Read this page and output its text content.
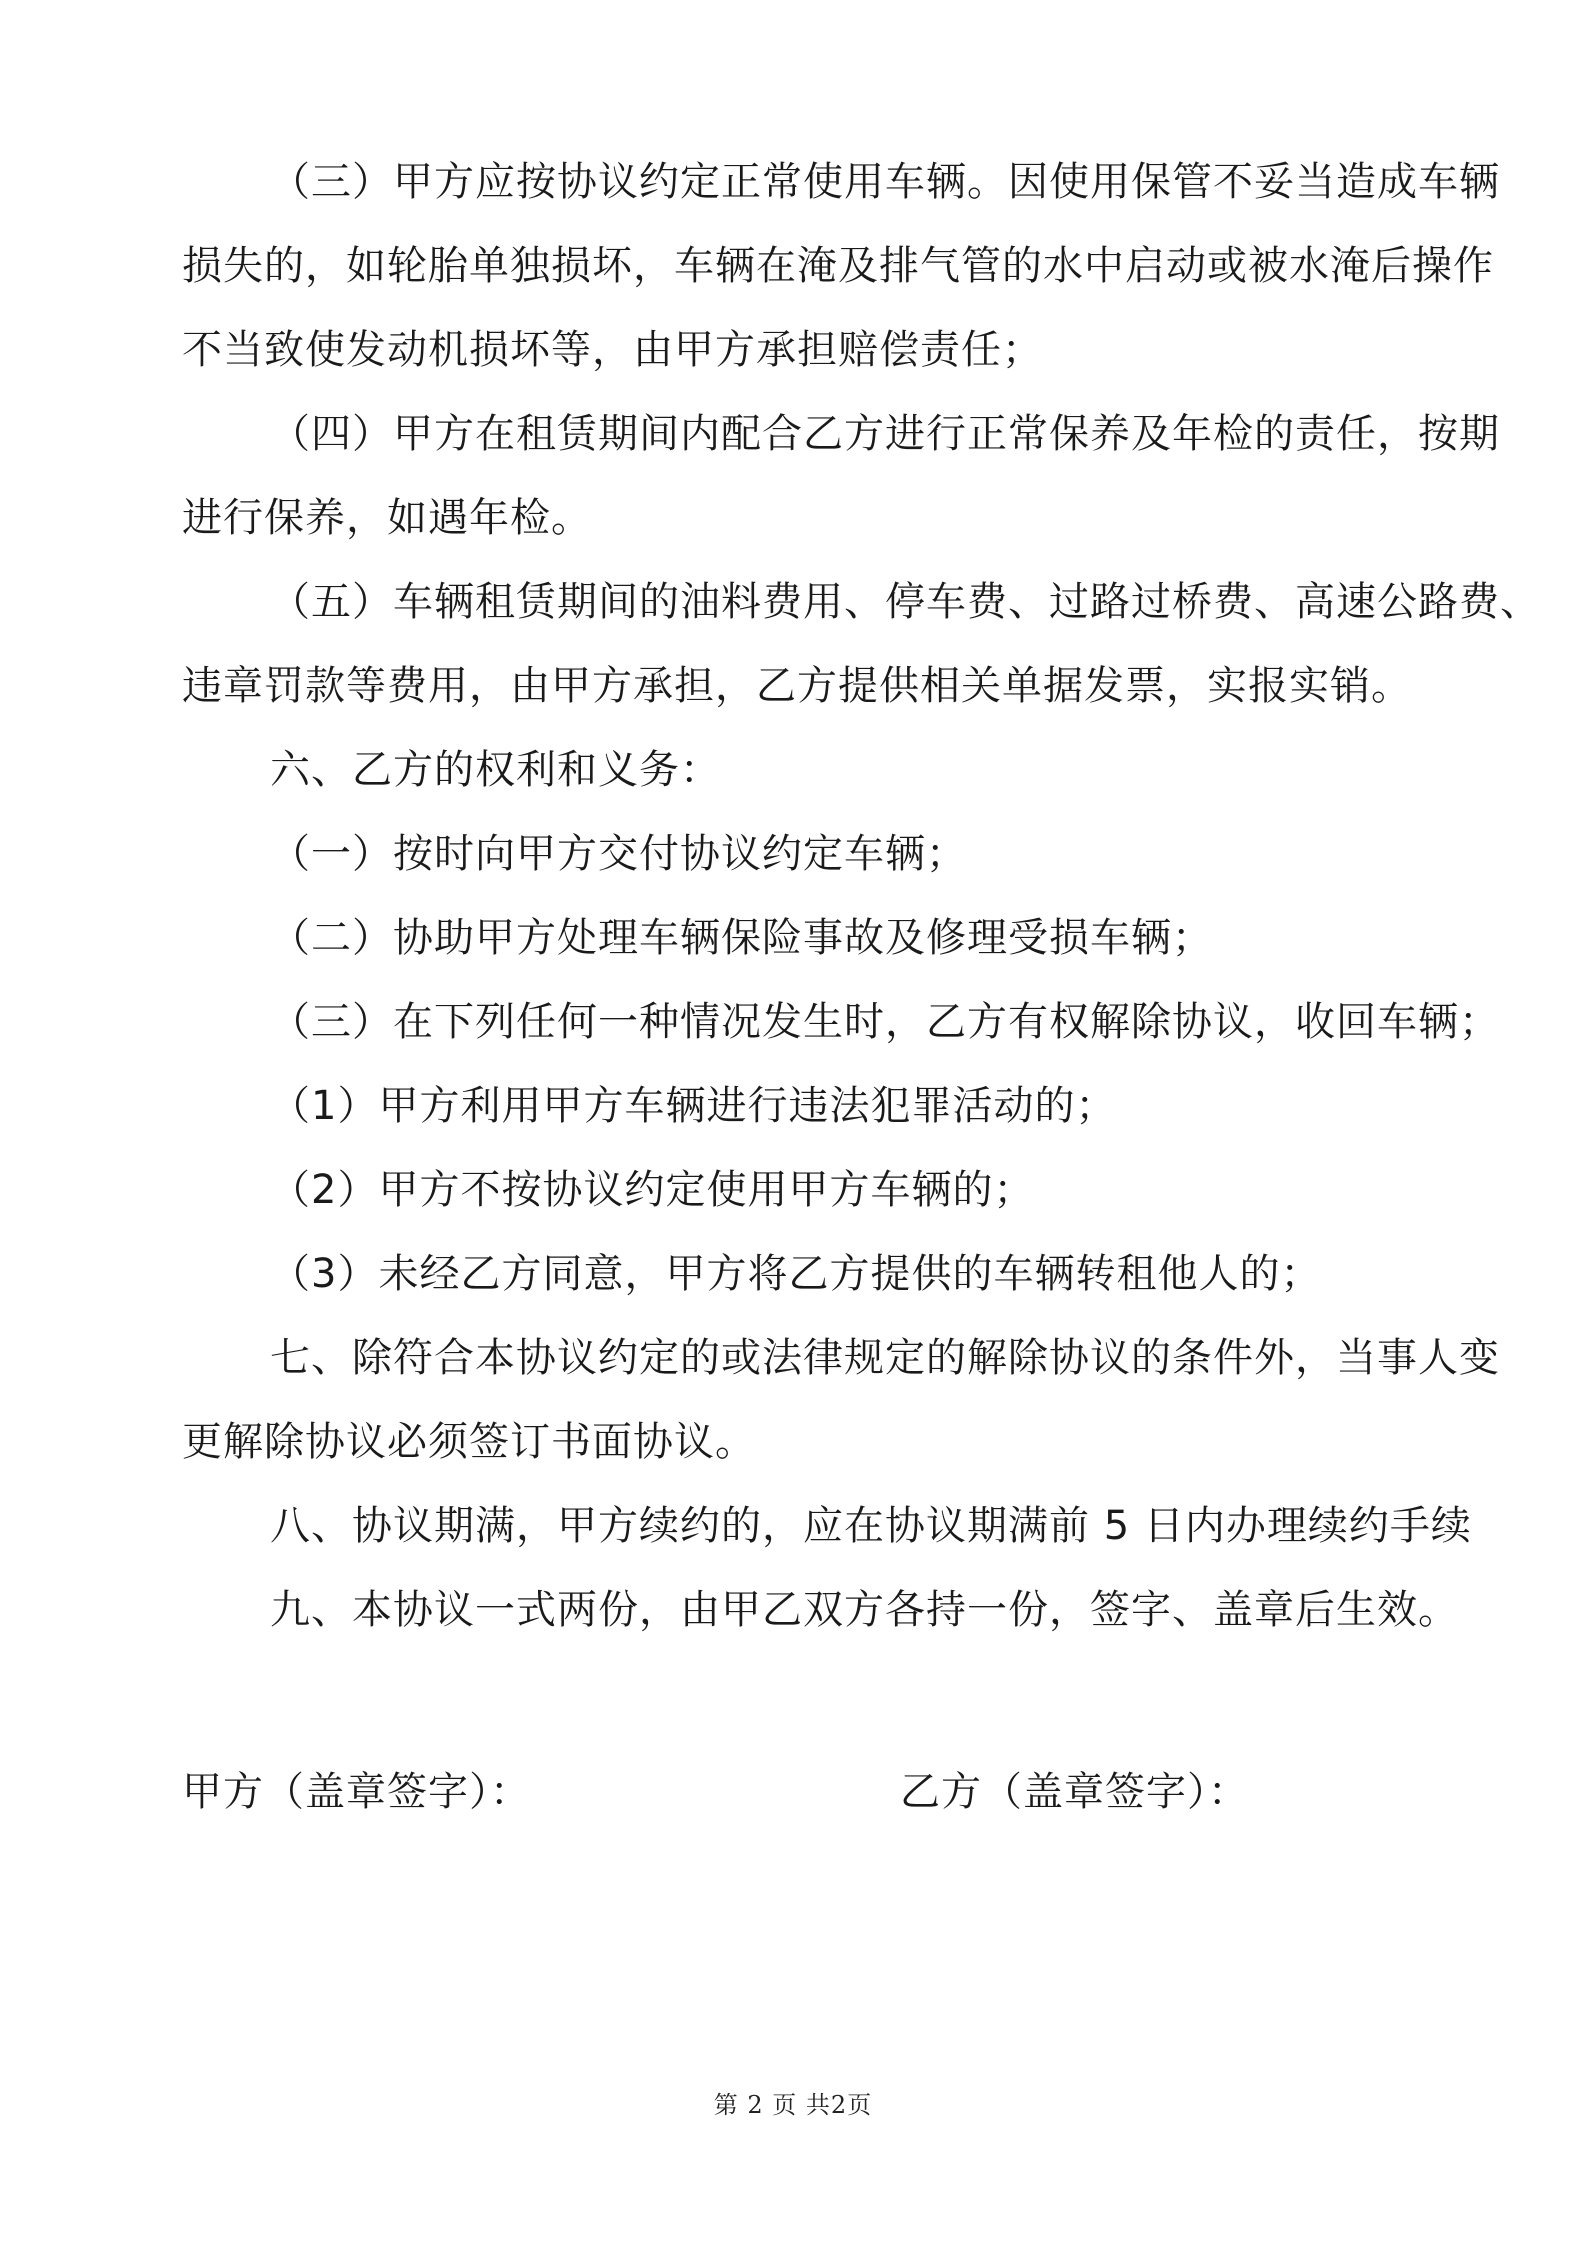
（三）甲方应按协议约定正常使用车辆。因使用保管不妥当造成车辆
损失的，如轮胎单独损坏，车辆在淹及排气管的水中启动或被水淹后操作
不当致使发动机损坏等，由甲方承担赔偿责任；
（四）甲方在租赁期间内配合乙方进行正常保养及年检的责任，按期
进行保养，如遇年检。
（五）车辆租赁期间的油料费用、停车费、过路过桥费、高速公路费、
违章罚款等费用，由甲方承担，乙方提供相关单据发票，实报实销。
六、乙方的权利和义务：
（一）按时向甲方交付协议约定车辆；
（二）协助甲方处理车辆保险事故及修理受损车辆；
（三）在下列任何一种情况发生时，乙方有权解除协议，收回车辆；
（1）甲方利用甲方车辆进行违法犯罪活动的；
（2）甲方不按协议约定使用甲方车辆的；
（3）未经乙方同意，甲方将乙方提供的车辆转租他人的；
七、除符合本协议约定的或法律规定的解除协议的条件外，当事人变
更解除协议必须签订书面协议。
八、协议期满，甲方续约的，应在协议期满前 5 日内办理续约手续
九、本协议一式两份，由甲乙双方各持一份，签字、盖章后生效。
甲方（盖章签字）：	乙方（盖章签字）：
第 2 页 共2页
